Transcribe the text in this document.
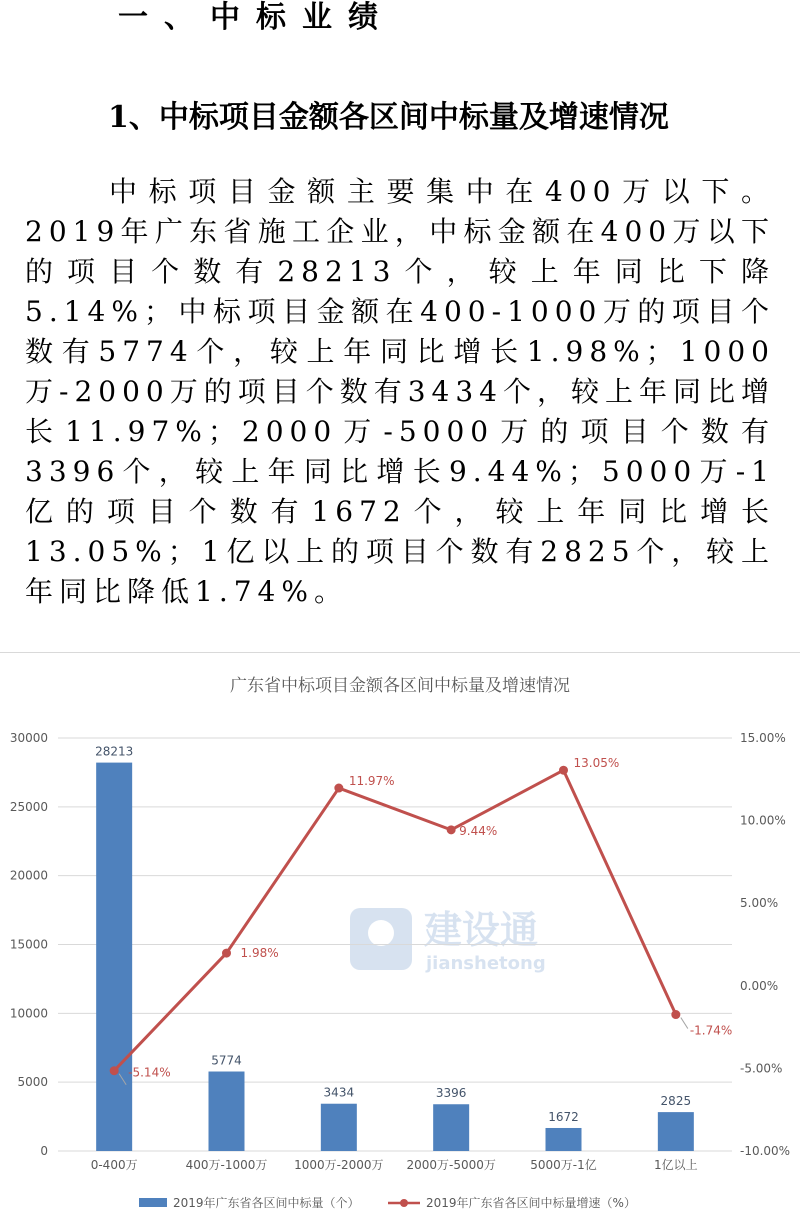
一、中标业绩
1、中标项目金额各区间中标量及增速情况
中标项目金额主要集中在400万以下。2019年广东省施工企业，中标金额在400万以下的项目个数有28213个，较上年同比下降5.14%；中标项目金额在400-1000万的项目个数有5774个，较上年同比增长1.98%；1000万-2000万的项目个数有3434个，较上年同比增长11.97%；2000万-5000万的项目个数有3396个，较上年同比增长9.44%；5000万-1亿的项目个数有1672个，较上年同比增长13.05%；1亿以上的项目个数有2825个，较上年同比降低1.74%。
广东省中标项目金额各区间中标量及增速情况
建设通
jianshetong
0
5000
10000
15000
20000
25000
30000
-10.00%
-5.00%
0.00%
5.00%
10.00%
15.00%
28213
5774
3434	3396
1672
2825
0-400万	400万-1000万 1000万-2000万 2000万-5000万	5000万-1亿	1亿以上
-5.14%
1.98%
11.97%
9.44%
13.05%
-1.74%
2019年广东省各区间中标量（个）	2019年广东省各区间中标量增速（%）
